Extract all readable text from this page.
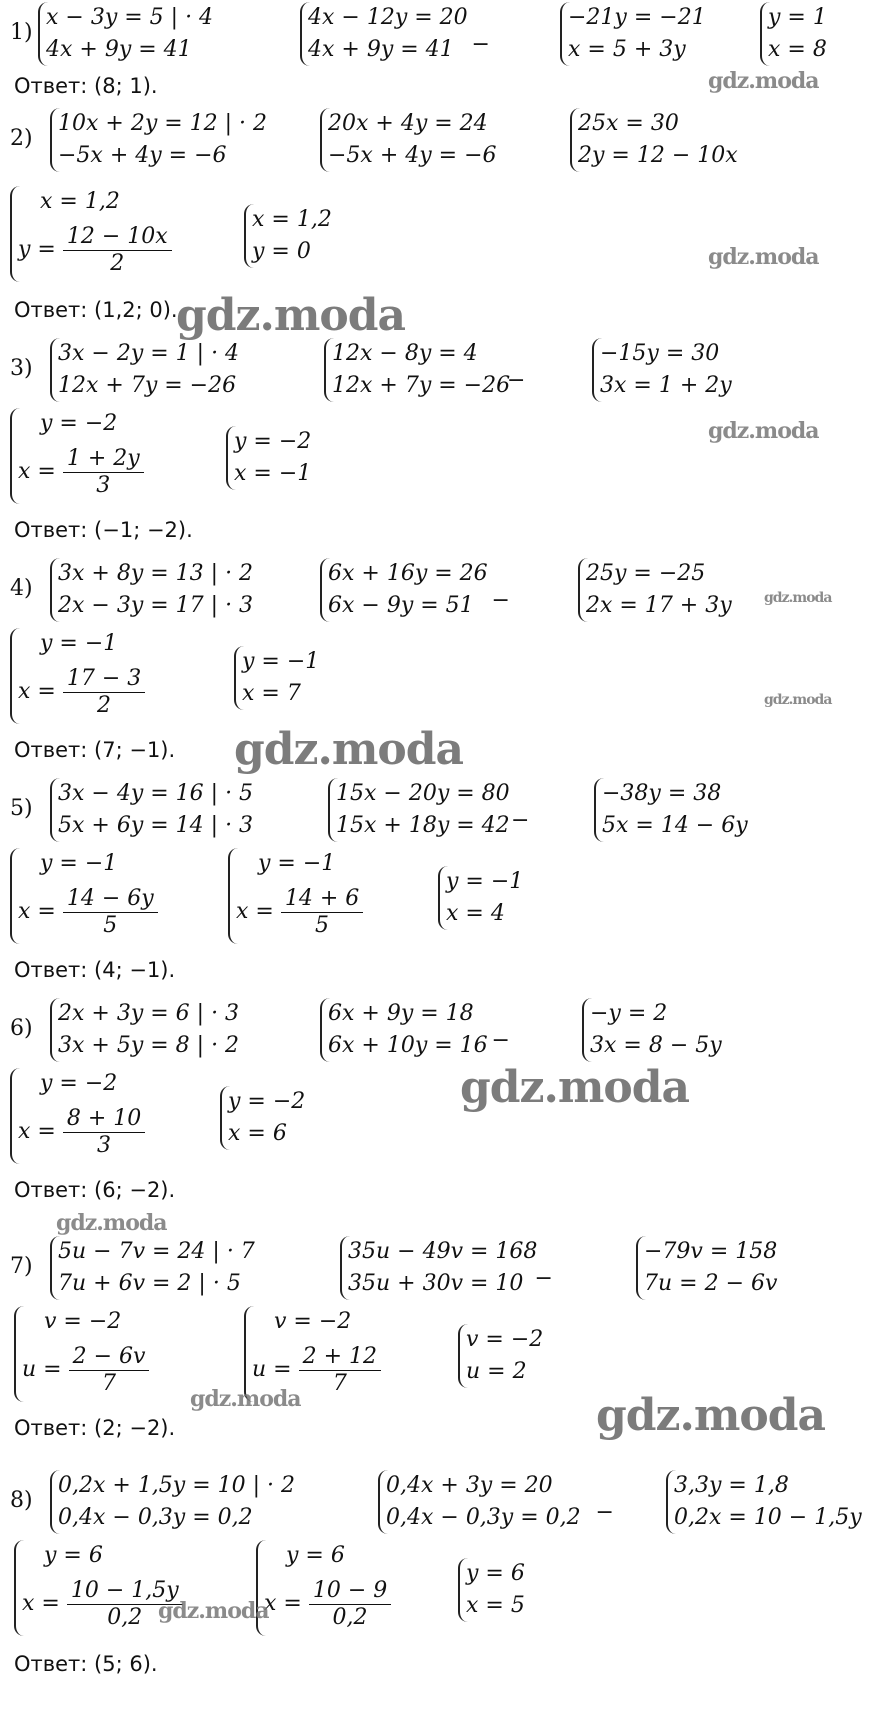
1)
x − 3y = 5 | · 4
4x + 9y = 41
4x − 12y = 20
4x + 9y = 41 −
−21y = −21
x = 5 + 3y
y = 1
x = 8
Ответ: (8; 1).
2)
10x + 2y = 12 | · 2
−5x + 4y = −6
20x + 4y = 24
−5x + 4y = −6
25x = 30
2y = 12 − 10x
x = 1,2
$y = \frac{12 - 10x}{2}$
x = 1,2
y = 0
Ответ: (1,2; 0).
3)
3x − 2y = 1 | · 4
12x + 7y = −26
12x − 8y = 4
12x + 7y = −26
−
−15y = 30
3x = 1 + 2y
y = −2
$x = \frac{1 + 2y}{3}$
y = −2
x = −1
Ответ: (−1; −2).
4)
3x + 8y = 13 | · 2
2x − 3y = 17 | · 3
6x + 16y = 26
6x − 9y = 51 −
25y = −25
2x = 17 + 3y
y = −1
$x = \frac{17 - 3}{2}$
y = −1
x = 7
Ответ: (7; −1).
5)
3x − 4y = 16 | · 5
5x + 6y = 14 | · 3
15x − 20y = 80
15x + 18y = 42 −
−38y = 38
5x = 14 − 6y
y = −1
$x = \frac{14 - 6y}{5}$
y = −1
$x = \frac{14 + 6}{5}$
y = −1
x = 4
Ответ: (4; −1).
6)
2x + 3y = 6 | · 3
3x + 5y = 8 | · 2
6x + 9y = 18
6x + 10y = 16 −
−y = 2
3x = 8 − 5y
y = −2
$x = \frac{8 + 10}{3}$
y = −2
x = 6
Ответ: (6; −2).
7)
5u − 7v = 24 | · 7
7u + 6v = 2 | · 5
35u − 49v = 168
35u + 30v = 10 −
−79v = 158
7u = 2 − 6v
v = −2
$u = \frac{2 - 6v}{7}$
v = −2
$u = \frac{2 + 12}{7}$
v = −2
u = 2
Ответ: (2; −2).
8)
0,2x + 1,5y = 10 | · 2
0,4x − 0,3y = 0,2
0,4x + 3y = 20
0,4x − 0,3y = 0,2 −
3,3y = 1,8
0,2x = 10 − 1,5y
y = 6
$x = \frac{10 - 1,5y}{0,2}$
y = 6
$x = \frac{10 - 9}{0,2}$
y = 6
x = 5
Ответ: (5; 6).
gdz.moda
gdz.moda
gdz.moda
gdz.moda
gdz.moda
gdz.moda
gdz.moda
gdz.moda
gdz.moda
gdz.moda	gdz.moda
gdz.moda
